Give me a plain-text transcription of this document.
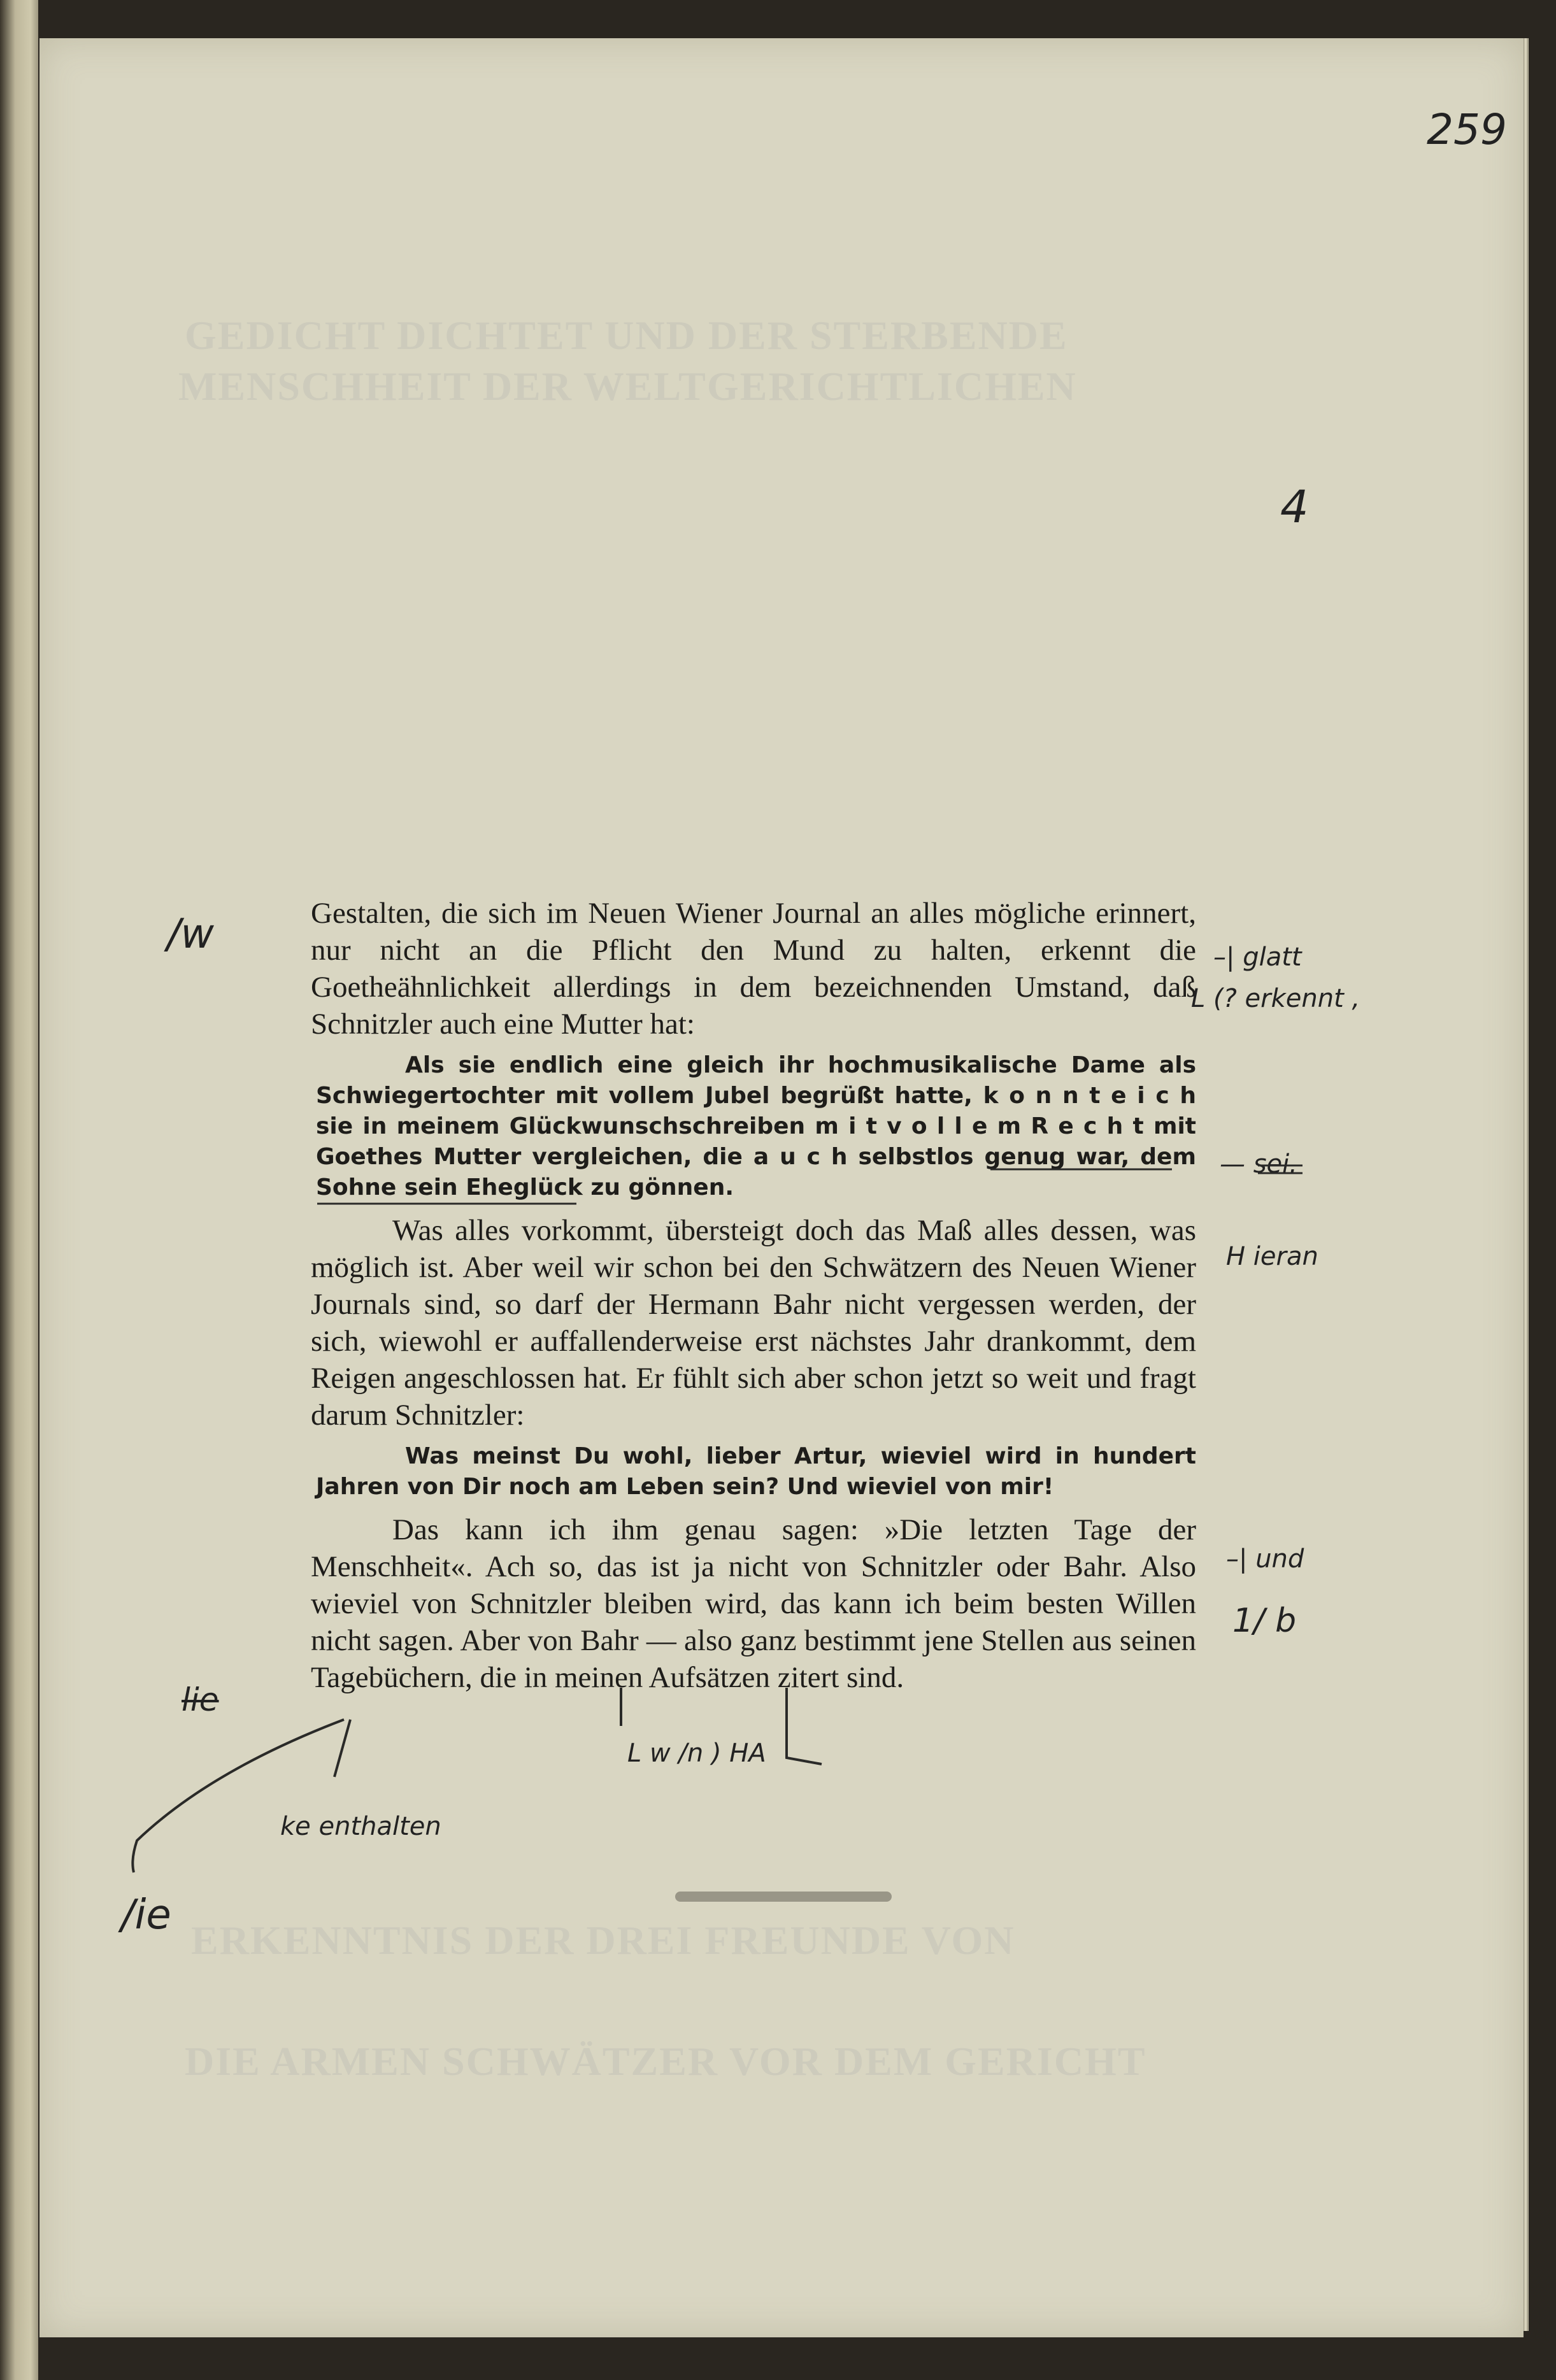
259
GEDICHT DICHTET UND DER STERBENDE
MENSCHHEIT DER WELTGERICHTLICHEN
ERKENNTNIS DER DREI FREUNDE VON
DIE ARMEN SCHWÄTZER VOR DEM GERICHT

Gestalten, die sich im Neuen Wiener Journal an alles mögliche erinnert, nur nicht an die Pflicht den Mund zu halten, erkennt die Goetheähnlichkeit allerdings in dem bezeichnenden Umstand, daß Schnitzler auch eine Mutter hat:

Als sie endlich eine gleich ihr hochmusikalische Dame als Schwiegertochter mit vollem Jubel begrüßt hatte, k o n n t e i c h sie in meinem Glückwunschschreiben m i t v o l l e m R e c h t mit Goethes Mutter vergleichen, die a u c h selbstlos genug war, dem Sohne sein Eheglück zu gönnen.

Was alles vorkommt, übersteigt doch das Maß alles dessen, was möglich ist. Aber weil wir schon bei den Schwätzern des Neuen Wiener Journals sind, so darf der Hermann Bahr nicht vergessen werden, der sich, wiewohl er auffallenderweise erst nächstes Jahr drankommt, dem Reigen angeschlossen hat. Er fühlt sich aber schon jetzt so weit und fragt darum Schnitzler:

Was meinst Du wohl, lieber Artur, wieviel wird in hundert Jahren von Dir noch am Leben sein? Und wieviel von mir!

Das kann ich ihm genau sagen: »Die letzten Tage der Menschheit«. Ach so, das ist ja nicht von Schnitzler oder Bahr. Also wieviel von Schnitzler bleiben wird, das kann ich beim besten Willen nicht sagen. Aber von Bahr — also ganz bestimmt jene Stellen aus seinen Tagebüchern, die in meinen Aufsätzen zitert sind.

4
/w	–| glatt
L (? erkennt ,
— sei.
H ieran
–| und
1/ b
lie
L w /n ) HA
/ie
ke enthalten
